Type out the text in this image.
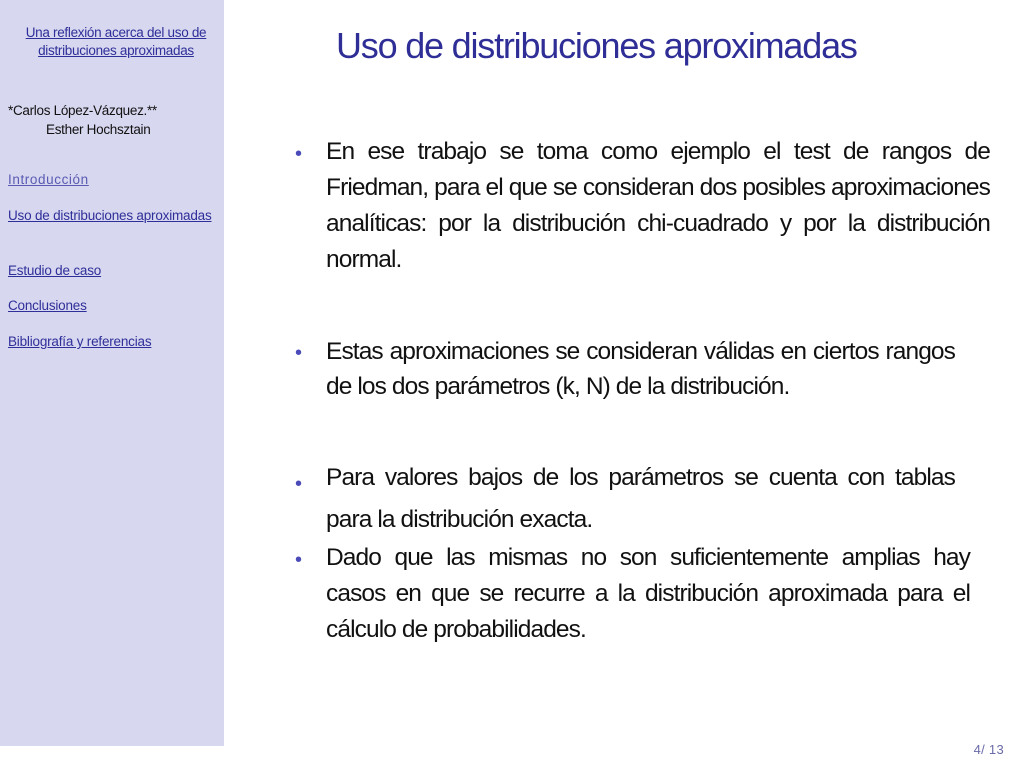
Una reflexión acerca del uso de distribuciones aproximadas
*Carlos López-Vázquez.**
Esther Hochsztain
Introducción
Uso de distribuciones aproximadas
Estudio de caso
Conclusiones
Bibliografía y referencias
Uso de distribuciones aproximadas
• En ese trabajo se toma como ejemplo el test de rangos de Friedman, para el que se consideran dos posibles aproximaciones analíticas: por la distribución chi-cuadrado y por la distribución normal.
• Estas aproximaciones se consideran válidas en ciertos rangos de los dos parámetros (k, N) de la distribución.
• Para valores bajos de los parámetros se cuenta con tablas para la distribución exacta.
• Dado que las mismas no son suficientemente amplias hay casos en que se recurre a la distribución aproximada para el cálculo de probabilidades.
4/ 13
